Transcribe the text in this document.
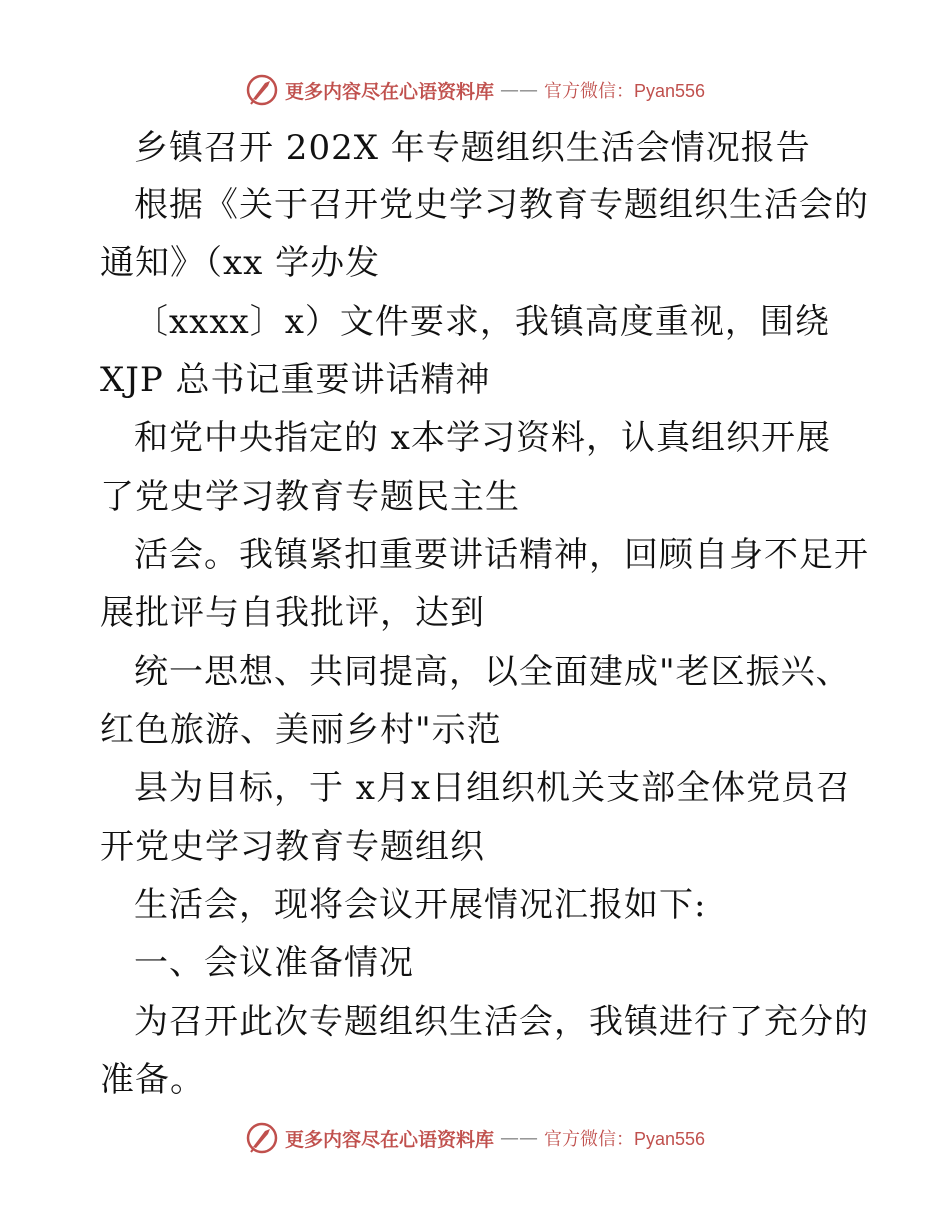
更多内容尽在心语资料库 —— 官方微信：Pyan556
乡镇召开 202X 年专题组织生活会情况报告
根据《关于召开党史学习教育专题组织生活会的
通知》（xx 学办发
〔xxxx〕x）文件要求，我镇高度重视，围绕
XJP 总书记重要讲话精神
和党中央指定的 x本学习资料，认真组织开展
了党史学习教育专题民主生
活会。我镇紧扣重要讲话精神，回顾自身不足开
展批评与自我批评，达到
统一思想、共同提高，以全面建成"老区振兴、
红色旅游、美丽乡村"示范
县为目标，于 x月x日组织机关支部全体党员召
开党史学习教育专题组织
生活会，现将会议开展情况汇报如下:
一、会议准备情况
为召开此次专题组织生活会，我镇进行了充分的
准备。
更多内容尽在心语资料库 —— 官方微信：Pyan556
